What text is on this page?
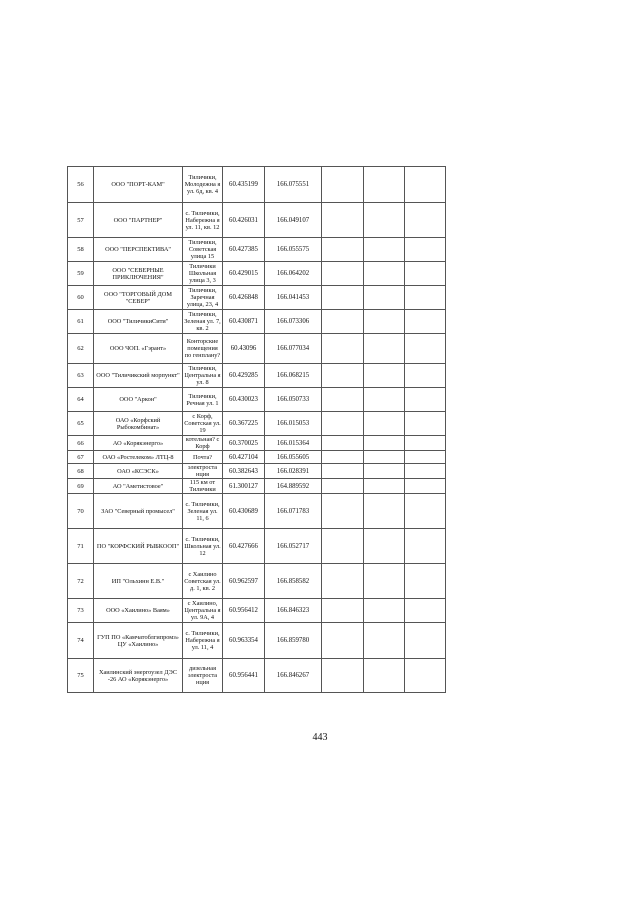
56	ООО "ПОРТ-КАМ"	Тиличики, Молодежна я ул. 6д, кв. 4	60.435199	166.075551			
57	ООО "ПАРТНЕР"	с. Тиличики, Набережна я ул. 11, кв. 12	60.426031	166.049107			
58	ООО "ПЕРСПЕКТИВА"	Тиличики, Советская улица 15	60.427385	166.055575			
59	ООО "СЕВЕРНЫЕ ПРИКЛЮЧЕНИЯ"	Тиличики Школьная улица 3, 3	60.429015	166.064202			
60	ООО "ТОРГОВЫЙ ДОМ "СЕВЕР"	Тиличики, Заречная улица, 23, 4	60.426848	166.041453			
61	ООО "ТиличикиСити"	Тиличики, Зеленая ул. 7, кв. 2	60.430871	166.073306			
62	ООО ЧОП. «Гэрант»	Конторские помещения по генплану?	60.43096	166.077034			
63	ООО "Тиличикский морпункт"	Тиличики, Центральна я ул. 8	60.429285	166.068215			
64	ООО "Аркон"	Тиличики, Речная ул. 1	60.430023	166.050733			
65	ОАО «Корфский Рыбокомбинат»	с Корф, Советская ул. 19	60.367225	166.015053			
66	АО «Корякэнерго»	котельная? с Корф	60.370025	166.015364			
67	ОАО «Ростелеком» ЛТЦ-8	Почта?	60.427104	166.055605			
68	ОАО «КСЭСК»	электроста нция	60.382643	166.028391			
69	АО "Аметистовое"	115 км от Тиличики	61.300127	164.889592			
70	ЗАО "Северный промысел"	с. Тиличики, Зеленая ул. 11, 6	60.430689	166.071783			
71	ПО "КОРФСКИЙ РЫБКООП"	с. Тиличики, Школьная ул. 12	60.427666	166.052717			
72	ИП "Ольхинн Е.В."	с Хаилино Советская ул. д. 1, кв. 2	60.962597	166.858582			
73	ООО «Хаилино» Ваям»	с Хаилино, Центральна я ул. 9А, 4	60.956412	166.846323			
74	ГУП ПО «Камчатоблгипромз» ЦУ «Хаилино»	с. Тиличики, Набережна я ул. 11, 4	60.963354	166.859780			
75	Хаилинский энергоузел ДЭС -26 АО «Корякэнерго»	дизельная электроста нция	60.956441	166.846267			
443
